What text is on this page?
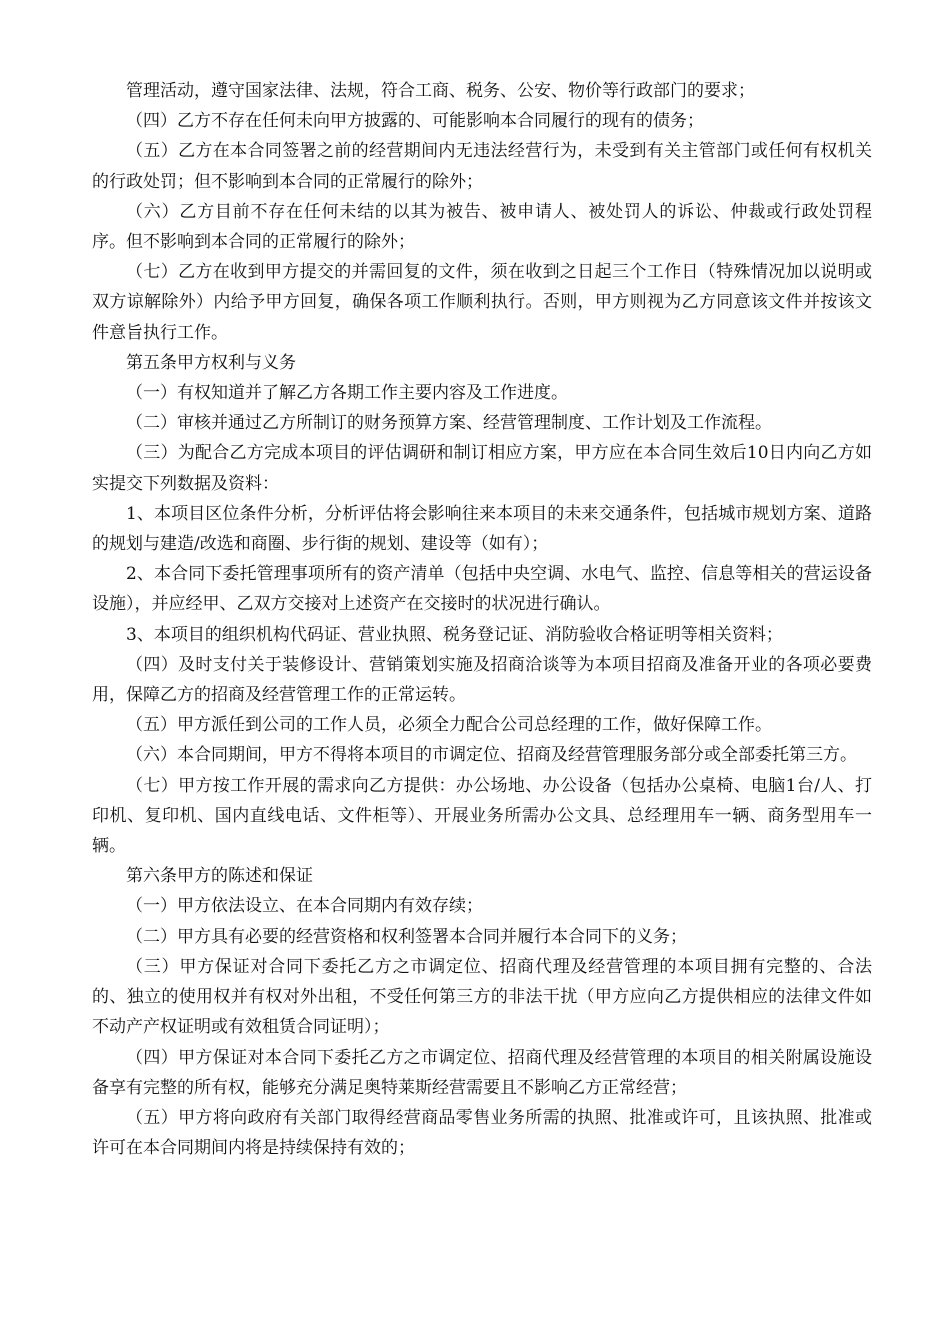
管理活动，遵守国家法律、法规，符合工商、税务、公安、物价等行政部门的要求；

（四）乙方不存在任何未向甲方披露的、可能影响本合同履行的现有的债务；

（五）乙方在本合同签署之前的经营期间内无违法经营行为，未受到有关主管部门或任何有权机关的行政处罚；但不影响到本合同的正常履行的除外；

（六）乙方目前不存在任何未结的以其为被告、被申请人、被处罚人的诉讼、仲裁或行政处罚程序。但不影响到本合同的正常履行的除外；

（七）乙方在收到甲方提交的并需回复的文件，须在收到之日起三个工作日（特殊情况加以说明或双方谅解除外）内给予甲方回复，确保各项工作顺利执行。否则，甲方则视为乙方同意该文件并按该文件意旨执行工作。

第五条甲方权利与义务

（一）有权知道并了解乙方各期工作主要内容及工作进度。

（二）审核并通过乙方所制订的财务预算方案、经营管理制度、工作计划及工作流程。

（三）为配合乙方完成本项目的评估调研和制订相应方案，甲方应在本合同生效后10日内向乙方如实提交下列数据及资料：

1、本项目区位条件分析，分析评估将会影响往来本项目的未来交通条件，包括城市规划方案、道路的规划与建造/改选和商圈、步行街的规划、建设等（如有）；

2、本合同下委托管理事项所有的资产清单（包括中央空调、水电气、监控、信息等相关的营运设备设施），并应经甲、乙双方交接对上述资产在交接时的状况进行确认。

3、本项目的组织机构代码证、营业执照、税务登记证、消防验收合格证明等相关资料；

（四）及时支付关于装修设计、营销策划实施及招商洽谈等为本项目招商及准备开业的各项必要费用，保障乙方的招商及经营管理工作的正常运转。

（五）甲方派任到公司的工作人员，必须全力配合公司总经理的工作，做好保障工作。

（六）本合同期间，甲方不得将本项目的市调定位、招商及经营管理服务部分或全部委托第三方。

（七）甲方按工作开展的需求向乙方提供：办公场地、办公设备（包括办公桌椅、电脑1台/人、打印机、复印机、国内直线电话、文件柜等）、开展业务所需办公文具、总经理用车一辆、商务型用车一辆。

第六条甲方的陈述和保证

（一）甲方依法设立、在本合同期内有效存续；

（二）甲方具有必要的经营资格和权利签署本合同并履行本合同下的义务；

（三）甲方保证对合同下委托乙方之市调定位、招商代理及经营管理的本项目拥有完整的、合法的、独立的使用权并有权对外出租，不受任何第三方的非法干扰（甲方应向乙方提供相应的法律文件如不动产产权证明或有效租赁合同证明）；

（四）甲方保证对本合同下委托乙方之市调定位、招商代理及经营管理的本项目的相关附属设施设备享有完整的所有权，能够充分满足奥特莱斯经营需要且不影响乙方正常经营；

（五）甲方将向政府有关部门取得经营商品零售业务所需的执照、批准或许可，且该执照、批准或许可在本合同期间内将是持续保持有效的；
